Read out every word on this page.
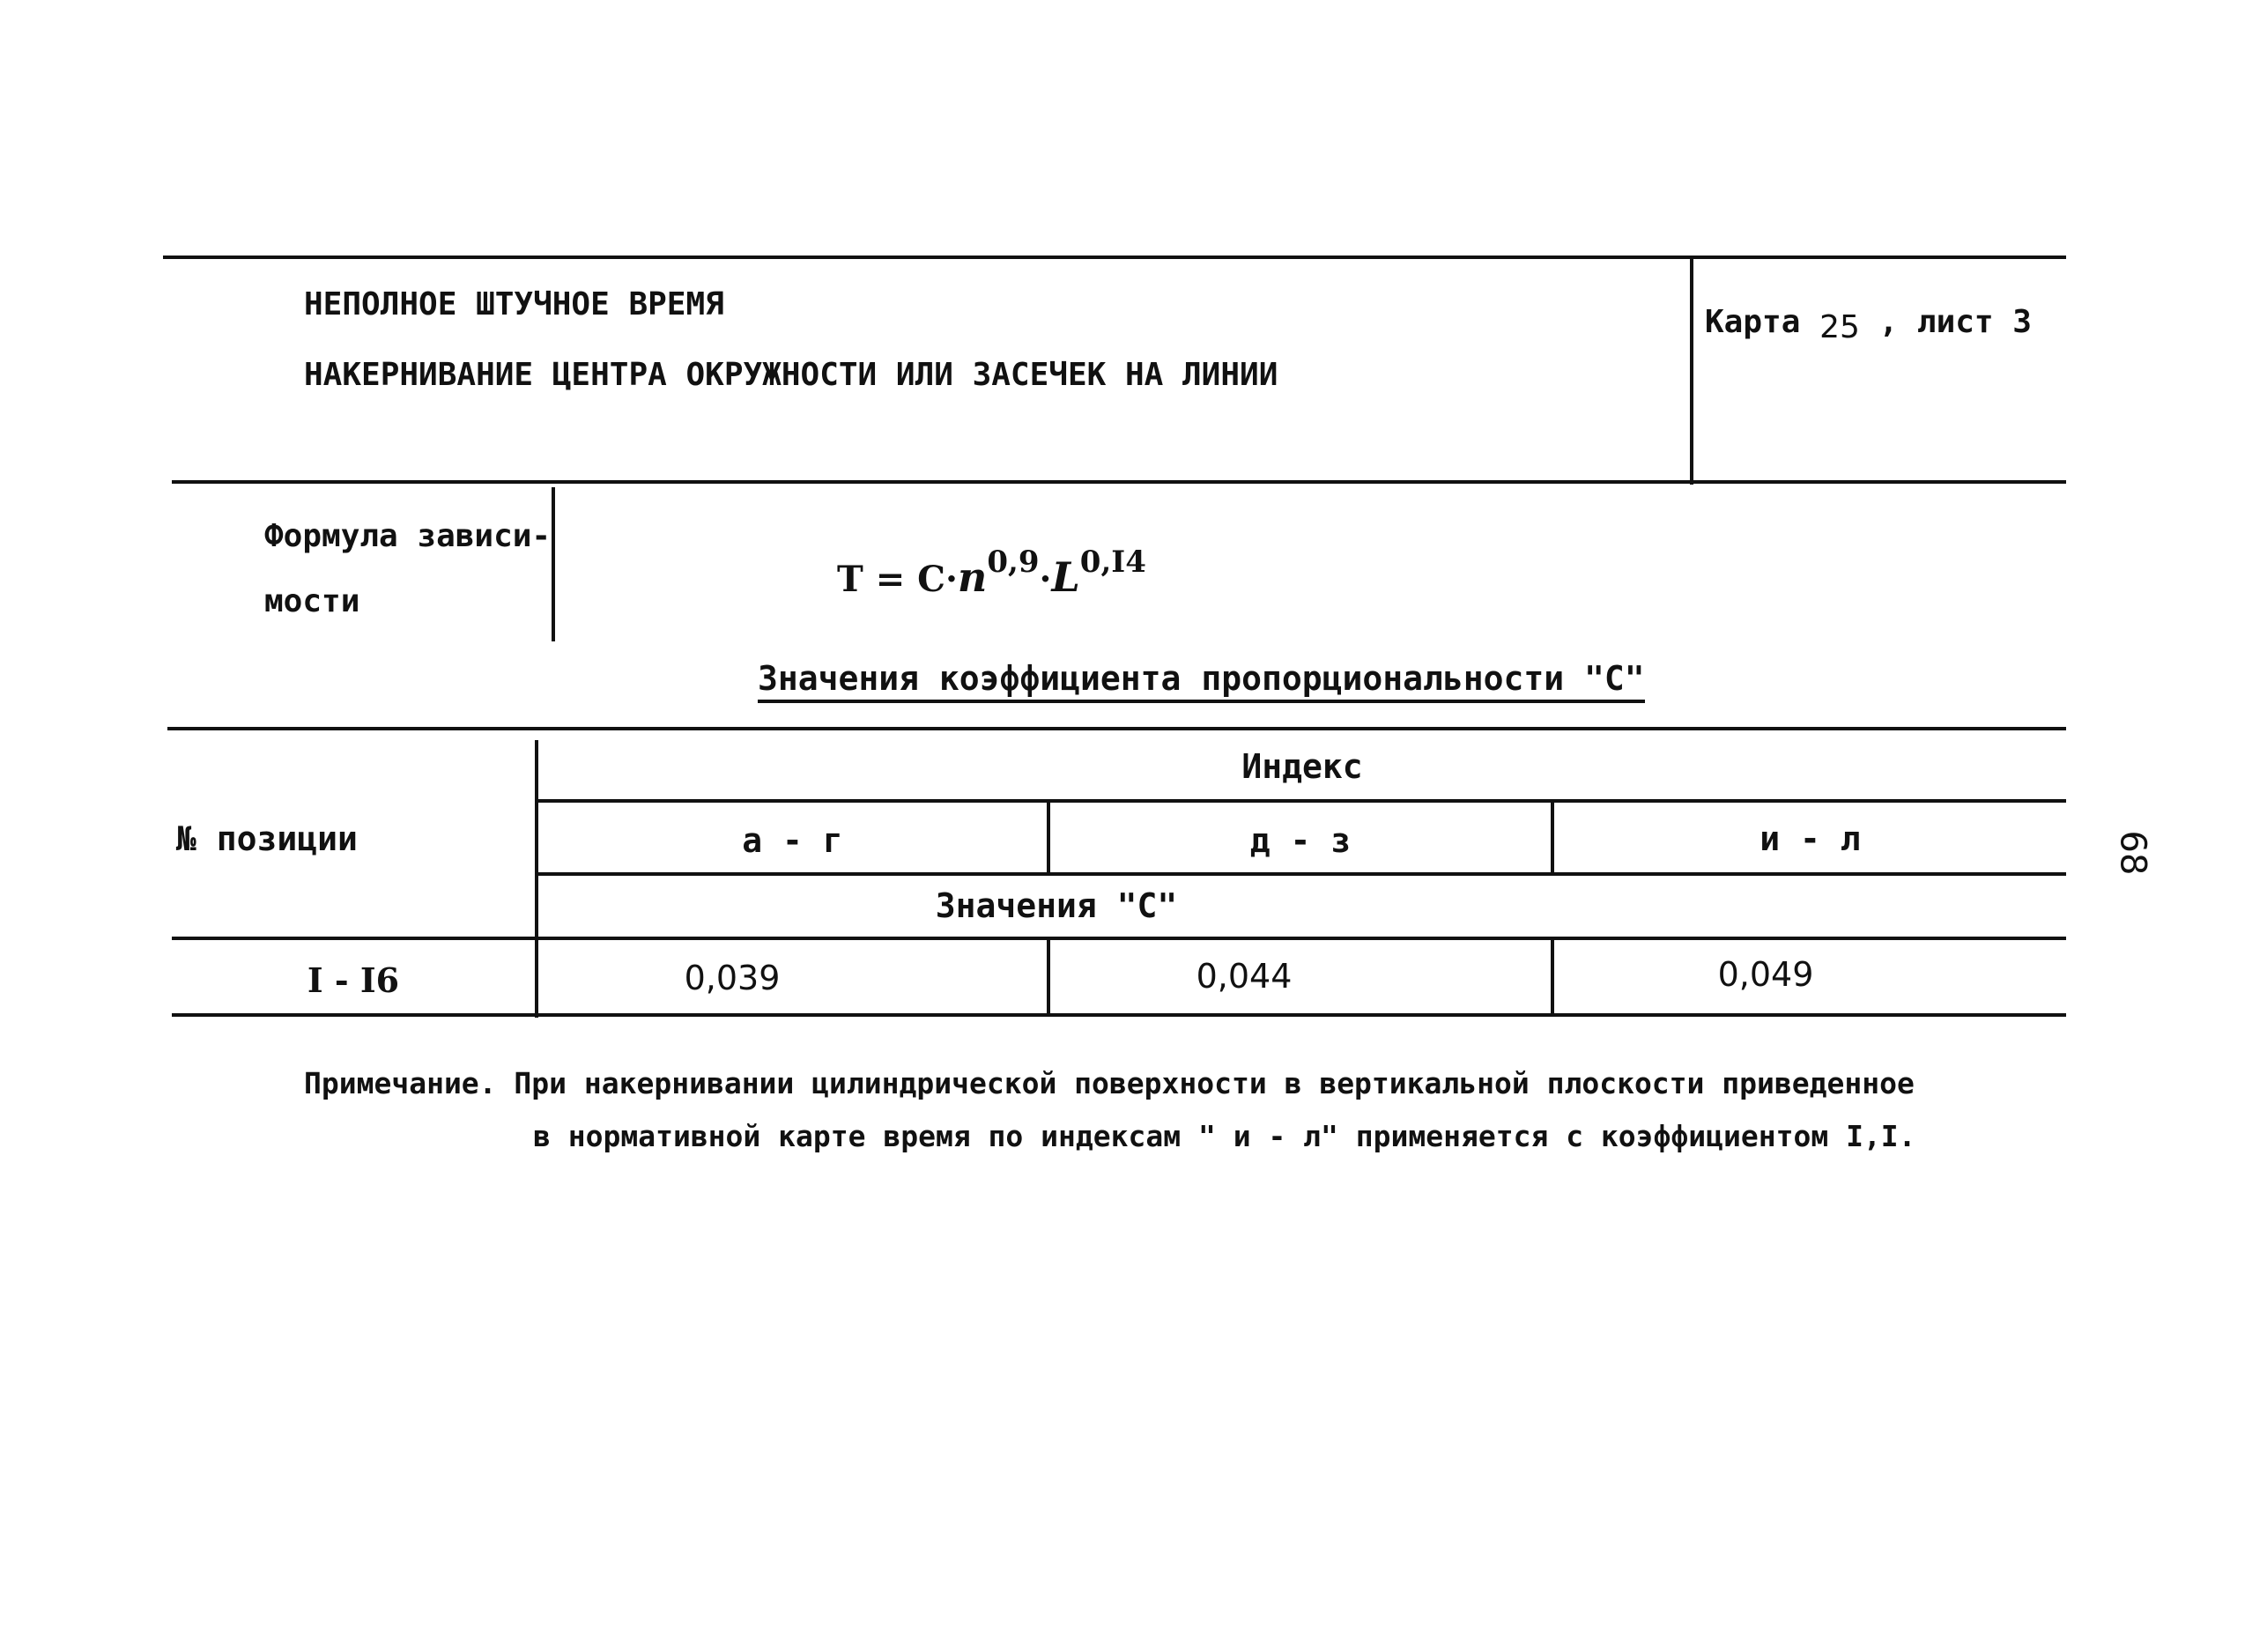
НЕПОЛНОЕ ШТУЧНОЕ ВРЕМЯ
НАКЕРНИВАНИЕ ЦЕНТРА ОКРУЖНОСТИ ИЛИ ЗАСЕЧЕК НА ЛИНИИ
Карта 25 , лист 3
Формула зависи-
мости
$T = C\cdot n^{0,9}\cdot L^{0,I4}$
Значения коэффициента пропорциональности "C"
№ позиции
Индекс
а - г	д - з	и - л
Значения "C"
I - I6	0,039	0,044	0,049
Примечание. При накернивании цилиндрической поверхности в вертикальной плоскости приведенное
в нормативной карте время по индексам " и - л" применяется с коэффициентом I,I.
68
